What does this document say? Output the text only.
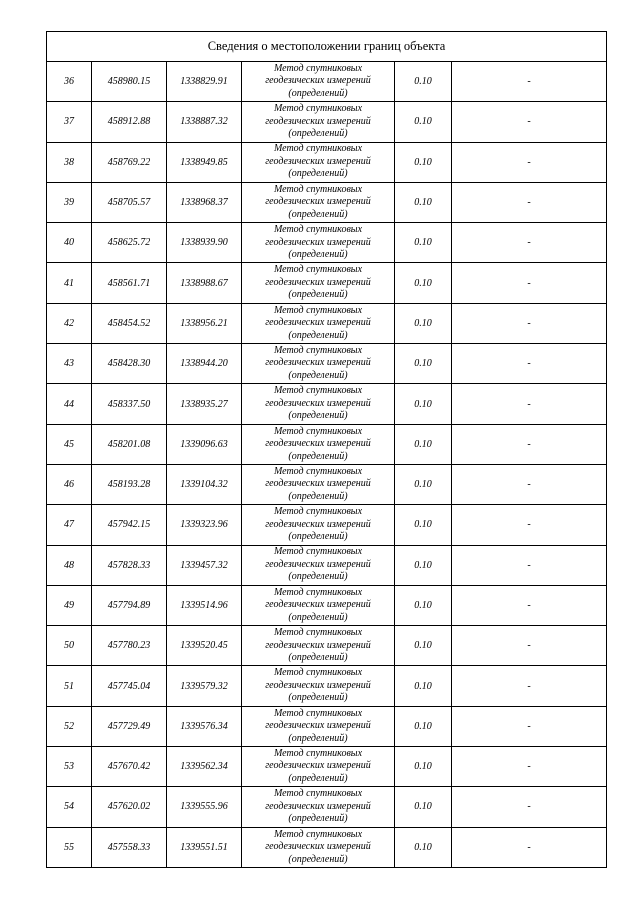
Сведения о местоположении границ объекта					
36	458980.15	1338829.91	Метод спутниковых
геодезических измерений
(определений)	0.10	-
37	458912.88	1338887.32	Метод спутниковых
геодезических измерений
(определений)	0.10	-
38	458769.22	1338949.85	Метод спутниковых
геодезических измерений
(определений)	0.10	-
39	458705.57	1338968.37	Метод спутниковых
геодезических измерений
(определений)	0.10	-
40	458625.72	1338939.90	Метод спутниковых
геодезических измерений
(определений)	0.10	-
41	458561.71	1338988.67	Метод спутниковых
геодезических измерений
(определений)	0.10	-
42	458454.52	1338956.21	Метод спутниковых
геодезических измерений
(определений)	0.10	-
43	458428.30	1338944.20	Метод спутниковых
геодезических измерений
(определений)	0.10	-
44	458337.50	1338935.27	Метод спутниковых
геодезических измерений
(определений)	0.10	-
45	458201.08	1339096.63	Метод спутниковых
геодезических измерений
(определений)	0.10	-
46	458193.28	1339104.32	Метод спутниковых
геодезических измерений
(определений)	0.10	-
47	457942.15	1339323.96	Метод спутниковых
геодезических измерений
(определений)	0.10	-
48	457828.33	1339457.32	Метод спутниковых
геодезических измерений
(определений)	0.10	-
49	457794.89	1339514.96	Метод спутниковых
геодезических измерений
(определений)	0.10	-
50	457780.23	1339520.45	Метод спутниковых
геодезических измерений
(определений)	0.10	-
51	457745.04	1339579.32	Метод спутниковых
геодезических измерений
(определений)	0.10	-
52	457729.49	1339576.34	Метод спутниковых
геодезических измерений
(определений)	0.10	-
53	457670.42	1339562.34	Метод спутниковых
геодезических измерений
(определений)	0.10	-
54	457620.02	1339555.96	Метод спутниковых
геодезических измерений
(определений)	0.10	-
55	457558.33	1339551.51	Метод спутниковых
геодезических измерений
(определений)	0.10	-
